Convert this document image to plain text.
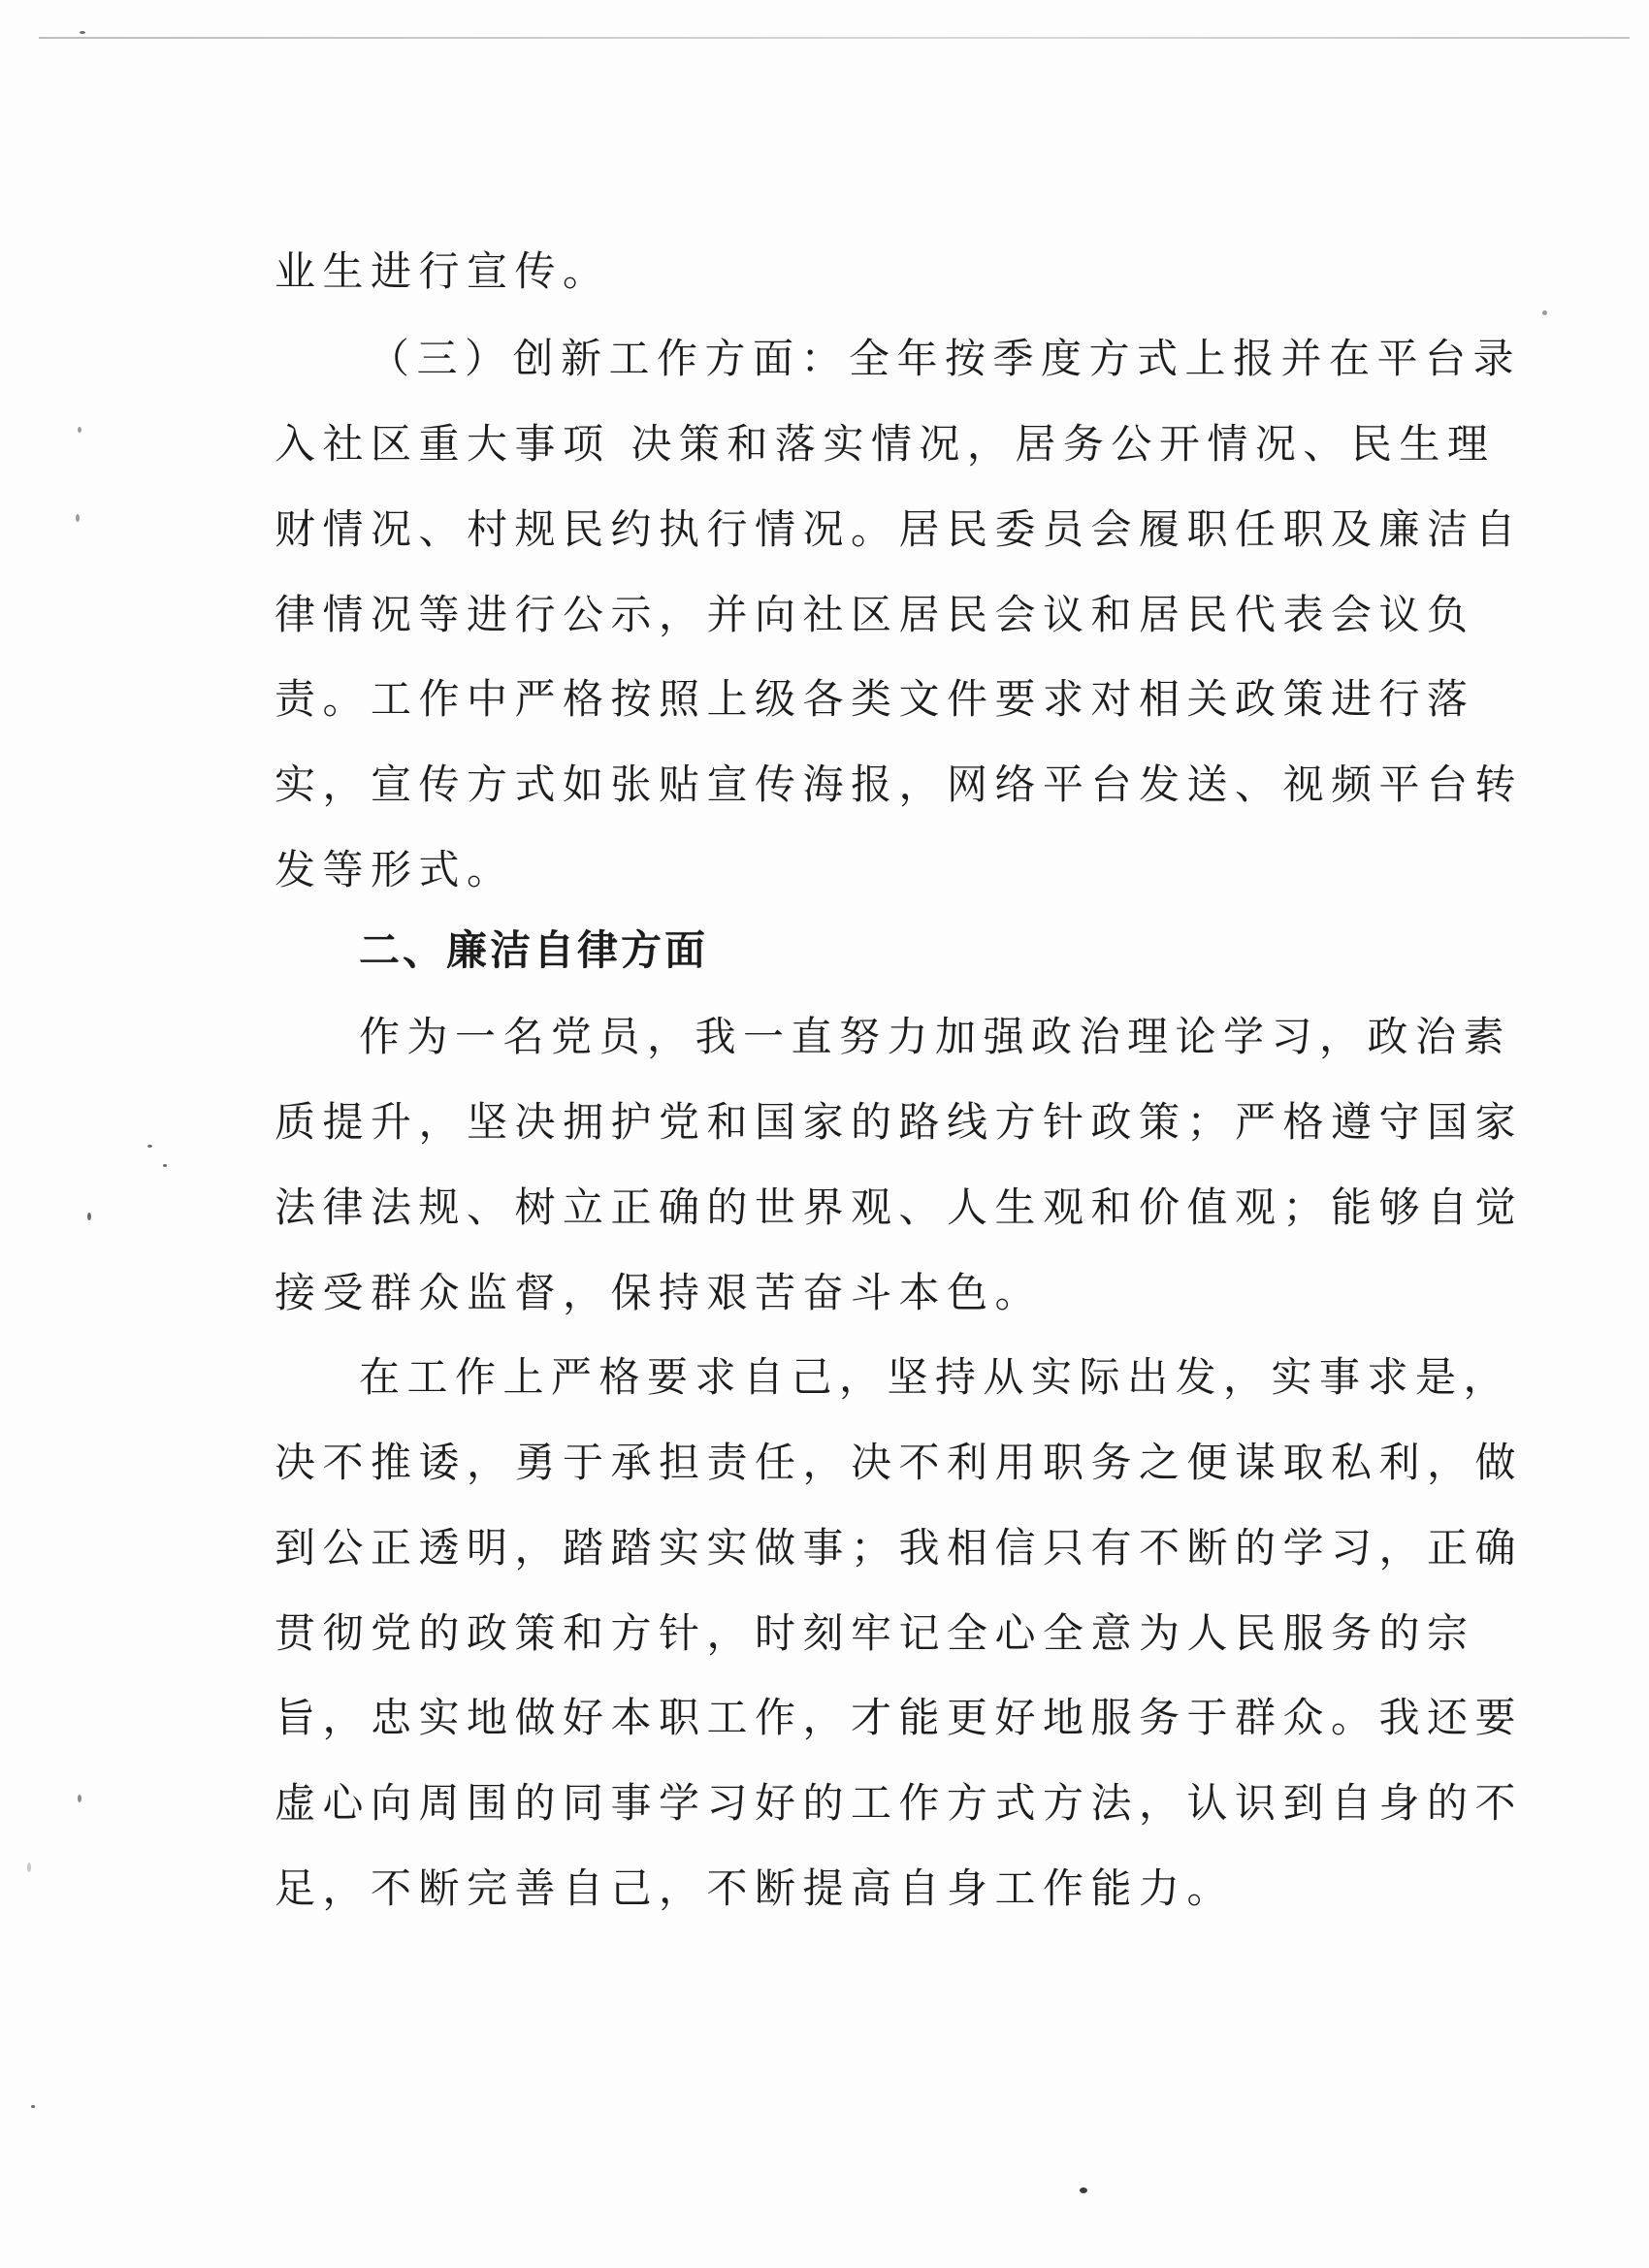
业生进行宣传。
（三）创新工作方面：全年按季度方式上报并在平台录
入社区重大事项 决策和落实情况，居务公开情况、民生理
财情况、村规民约执行情况。居民委员会履职任职及廉洁自
律情况等进行公示，并向社区居民会议和居民代表会议负
责。工作中严格按照上级各类文件要求对相关政策进行落
实，宣传方式如张贴宣传海报，网络平台发送、视频平台转
发等形式。
二、廉洁自律方面
作为一名党员，我一直努力加强政治理论学习，政治素
质提升，坚决拥护党和国家的路线方针政策；严格遵守国家
法律法规、树立正确的世界观、人生观和价值观；能够自觉
接受群众监督，保持艰苦奋斗本色。
在工作上严格要求自己，坚持从实际出发，实事求是，
决不推诿，勇于承担责任，决不利用职务之便谋取私利，做
到公正透明，踏踏实实做事；我相信只有不断的学习，正确
贯彻党的政策和方针，时刻牢记全心全意为人民服务的宗
旨，忠实地做好本职工作，才能更好地服务于群众。我还要
虚心向周围的同事学习好的工作方式方法，认识到自身的不
足，不断完善自己，不断提高自身工作能力。
